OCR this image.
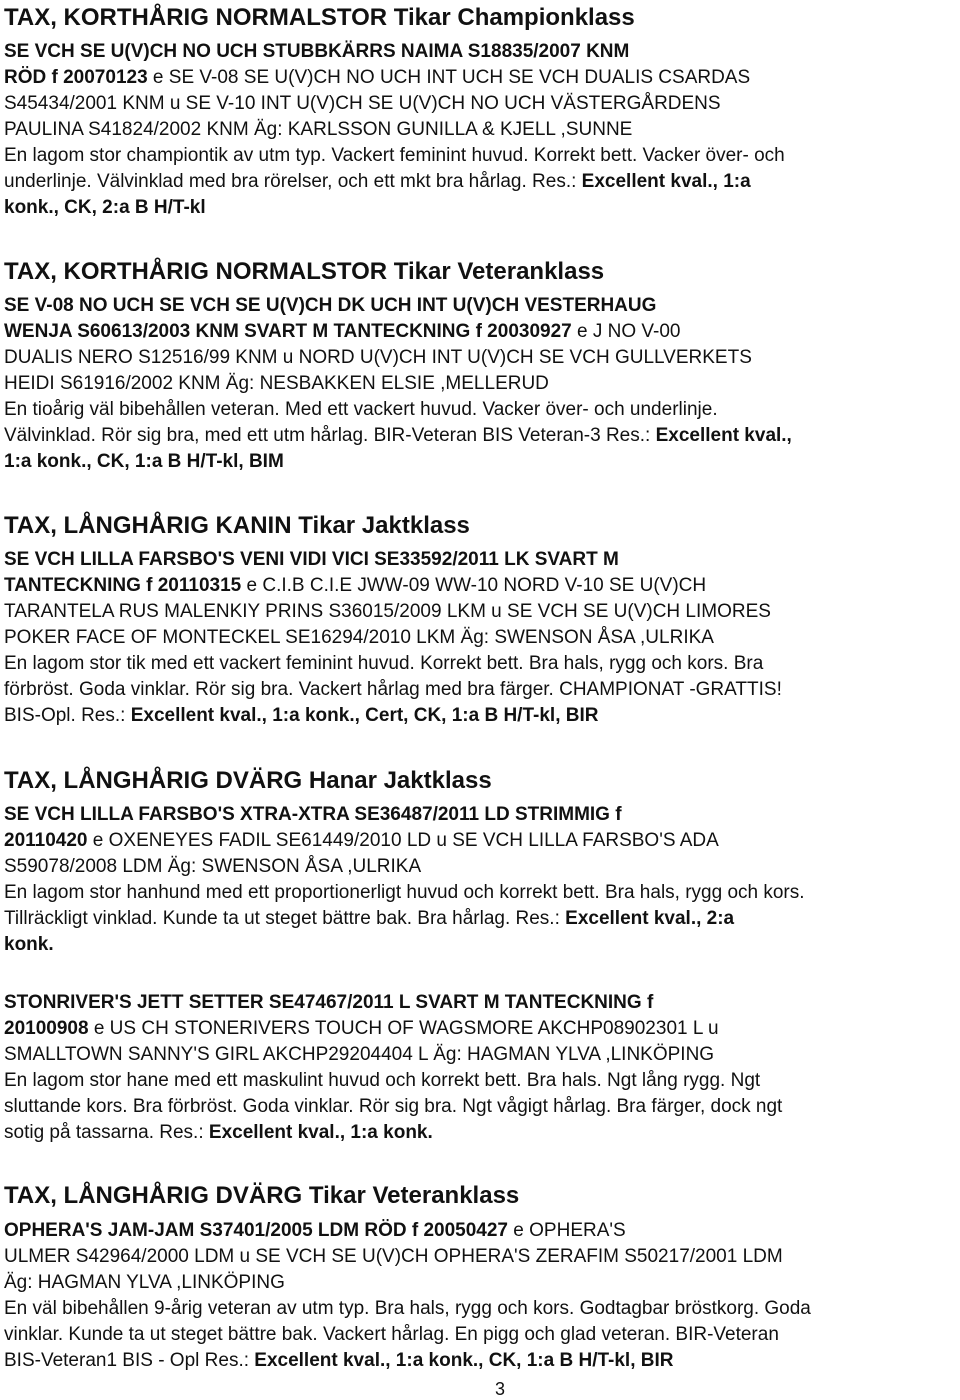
TAX, KORTHÅRIG NORMALSTOR Tikar Championklass
SE VCH SE U(V)CH NO UCH STUBBKÄRRS NAIMA S18835/2007 KNM
RÖD f 20070123 e SE V-08 SE U(V)CH NO UCH INT UCH SE VCH DUALIS CSARDAS
S45434/2001 KNM u SE V-10 INT U(V)CH SE U(V)CH NO UCH VÄSTERGÅRDENS
PAULINA S41824/2002 KNM Äg: KARLSSON GUNILLA & KJELL ,SUNNE
En lagom stor championtik av utm typ. Vackert feminint huvud. Korrekt bett. Vacker över- och
underlinje. Välvinklad med bra rörelser, och ett mkt bra hårlag. Res.: Excellent kval., 1:a
konk., CK, 2:a B H/T-kl
TAX, KORTHÅRIG NORMALSTOR Tikar Veteranklass
SE V-08 NO UCH SE VCH SE U(V)CH DK UCH INT U(V)CH VESTERHAUG
WENJA S60613/2003 KNM SVART M TANTECKNING f 20030927 e J NO V-00
DUALIS NERO S12516/99 KNM u NORD U(V)CH INT U(V)CH SE VCH GULLVERKETS
HEIDI S61916/2002 KNM Äg: NESBAKKEN ELSIE ,MELLERUD
En tioårig väl bibehållen veteran. Med ett vackert huvud. Vacker över- och underlinje.
Välvinklad. Rör sig bra, med ett utm hårlag. BIR-Veteran BIS Veteran-3 Res.: Excellent kval.,
1:a konk., CK, 1:a B H/T-kl, BIM
TAX, LÅNGHÅRIG KANIN Tikar Jaktklass
SE VCH LILLA FARSBO'S VENI VIDI VICI SE33592/2011 LK SVART M
TANTECKNING f 20110315 e C.I.B C.I.E JWW-09 WW-10 NORD V-10 SE U(V)CH
TARANTELA RUS MALENKIY PRINS S36015/2009 LKM u SE VCH SE U(V)CH LIMORES
POKER FACE OF MONTECKEL SE16294/2010 LKM Äg: SWENSON ÅSA ,ULRIKA
En lagom stor tik med ett vackert feminint huvud. Korrekt bett. Bra hals, rygg och kors. Bra
förbröst. Goda vinklar. Rör sig bra. Vackert hårlag med bra färger. CHAMPIONAT -GRATTIS!
BIS-Opl. Res.: Excellent kval., 1:a konk., Cert, CK, 1:a B H/T-kl, BIR
TAX, LÅNGHÅRIG DVÄRG Hanar Jaktklass
SE VCH LILLA FARSBO'S XTRA-XTRA SE36487/2011 LD STRIMMIG f
20110420 e OXENEYES FADIL SE61449/2010 LD u SE VCH LILLA FARSBO'S ADA
S59078/2008 LDM Äg: SWENSON ÅSA ,ULRIKA
En lagom stor hanhund med ett proportionerligt huvud och korrekt bett. Bra hals, rygg och kors.
Tillräckligt vinklad. Kunde ta ut steget bättre bak. Bra hårlag. Res.: Excellent kval., 2:a
konk.
STONRIVER'S JETT SETTER SE47467/2011 L SVART M TANTECKNING f
20100908 e US CH STONERIVERS TOUCH OF WAGSMORE AKCHP08902301 L u
SMALLTOWN SANNY'S GIRL AKCHP29204404 L Äg: HAGMAN YLVA ,LINKÖPING
En lagom stor hane med ett maskulint huvud och korrekt bett. Bra hals. Ngt lång rygg. Ngt
sluttande kors. Bra förbröst. Goda vinklar. Rör sig bra. Ngt vågigt hårlag. Bra färger, dock ngt
sotig på tassarna. Res.: Excellent kval., 1:a konk.
TAX, LÅNGHÅRIG DVÄRG Tikar Veteranklass
OPHERA'S JAM-JAM S37401/2005 LDM RÖD f 20050427 e OPHERA'S
ULMER S42964/2000 LDM u SE VCH SE U(V)CH OPHERA'S ZERAFIM S50217/2001 LDM
Äg: HAGMAN YLVA ,LINKÖPING
En väl bibehållen 9-årig veteran av utm typ. Bra hals, rygg och kors. Godtagbar bröstkorg. Goda
vinklar. Kunde ta ut steget bättre bak. Vackert hårlag. En pigg och glad veteran. BIR-Veteran
BIS-Veteran1 BIS - Opl Res.: Excellent kval., 1:a konk., CK, 1:a B H/T-kl, BIR
3
